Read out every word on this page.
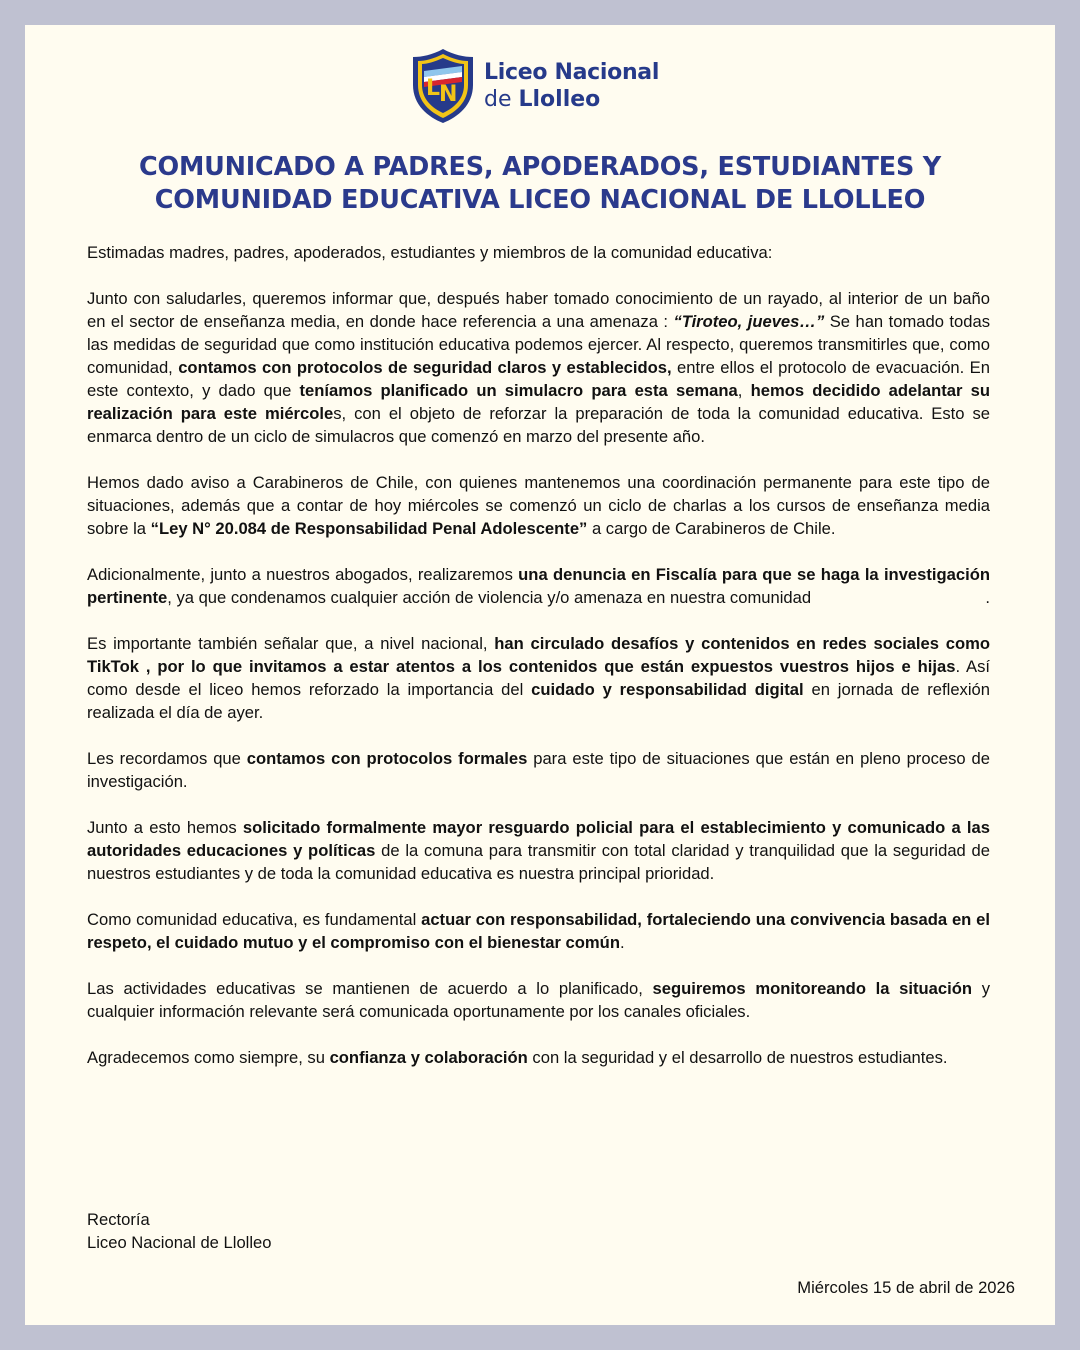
L
N
Liceo Nacional
de Llolleo
COMUNICADO A PADRES, APODERADOS, ESTUDIANTES Y
COMUNIDAD EDUCATIVA LICEO NACIONAL DE LLOLLEO

Estimadas madres, padres, apoderados, estudiantes y miembros de la comunidad educativa:

Junto con saludarles, queremos informar que, después haber tomado conocimiento de un rayado, al interior de un baño en el sector de enseñanza media, en donde hace referencia a una amenaza : “Tiroteo, jueves…” Se han tomado todas las medidas de seguridad que como institución educativa podemos ejercer. Al respecto, queremos transmitirles que, como comunidad, contamos con protocolos de seguridad claros y establecidos, entre ellos el protocolo de evacuación. En este contexto, y dado que teníamos planificado un simulacro para esta semana, hemos decidido adelantar su realización para este miércoles, con el objeto de reforzar la preparación de toda la comunidad educativa. Esto se enmarca dentro de un ciclo de simulacros que comenzó en marzo del presente año.

Hemos dado aviso a Carabineros de Chile, con quienes mantenemos una coordinación permanente para este tipo de situaciones, además que a contar de hoy miércoles se comenzó un ciclo de charlas a los cursos de enseñanza media sobre la “Ley N° 20.084 de Responsabilidad Penal Adolescente” a cargo de Carabineros de Chile.

Adicionalmente, junto a nuestros abogados, realizaremos una denuncia en Fiscalía para que se haga la investigación pertinente, ya que condenamos cualquier acción de violencia y/o amenaza en nuestra comunidad	.

Es importante también señalar que, a nivel nacional, han circulado desafíos y contenidos en redes sociales como TikTok , por lo que invitamos a estar atentos a los contenidos que están expuestos vuestros hijos e hijas. Así como desde el liceo hemos reforzado la importancia del cuidado y responsabilidad digital en jornada de reflexión realizada el día de ayer.

Les recordamos que contamos con protocolos formales para este tipo de situaciones que están en pleno proceso de investigación.

Junto a esto hemos solicitado formalmente mayor resguardo policial para el establecimiento y comunicado a las autoridades educaciones y políticas de la comuna para transmitir con total claridad y tranquilidad que la seguridad de nuestros estudiantes y de toda la comunidad educativa es nuestra principal prioridad.

Como comunidad educativa, es fundamental actuar con responsabilidad, fortaleciendo una convivencia basada en el respeto, el cuidado mutuo y el compromiso con el bienestar común.

Las actividades educativas se mantienen de acuerdo a lo planificado, seguiremos monitoreando la situación y cualquier información relevante será comunicada oportunamente por los canales oficiales.

Agradecemos como siempre, su confianza y colaboración con la seguridad y el desarrollo de nuestros estudiantes.

Rectoría
Liceo Nacional de Llolleo
Miércoles 15 de abril de 2026
